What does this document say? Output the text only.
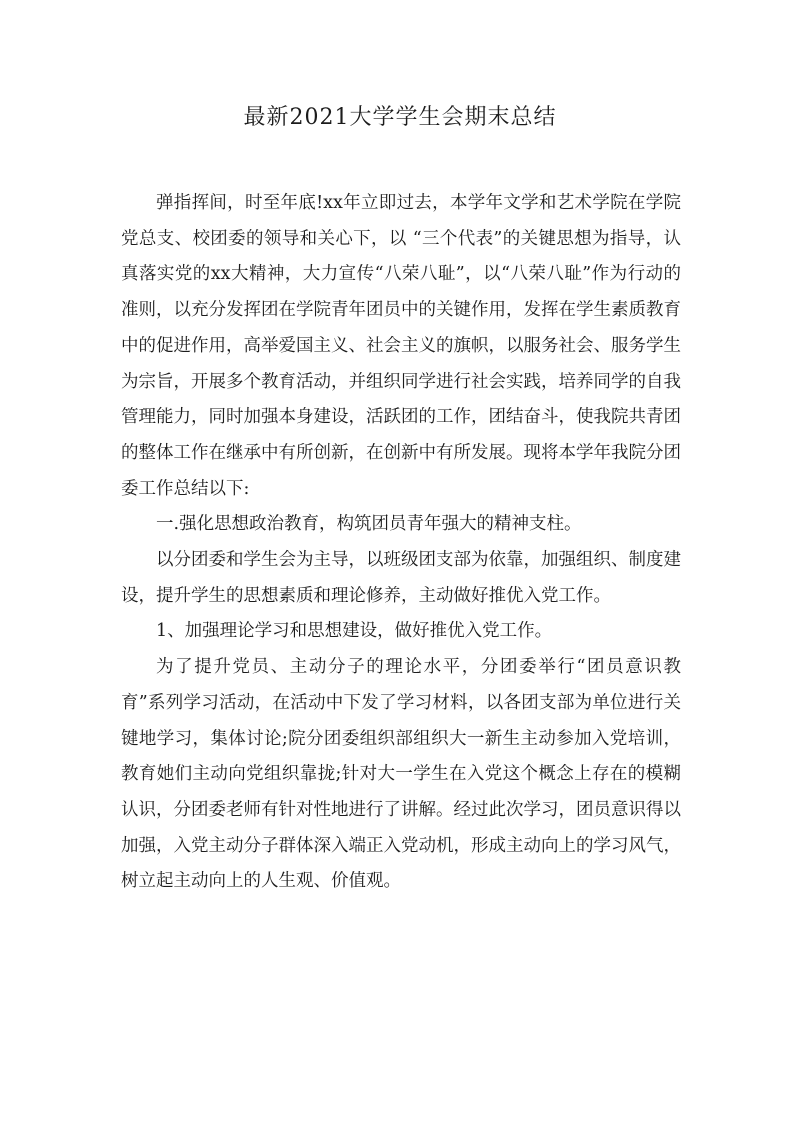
最新2021大学学生会期末总结

弹指挥间，时至年底!xx年立即过去，本学年文学和艺术学院在学院党总支、校团委的领导和关心下，以 “三个代表”的关键思想为指导，认真落实党的xx大精神，大力宣传“八荣八耻”，以“八荣八耻”作为行动的准则，以充分发挥团在学院青年团员中的关键作用，发挥在学生素质教育中的促进作用，高举爱国主义、社会主义的旗帜，以服务社会、服务学生为宗旨，开展多个教育活动，并组织同学进行社会实践，培养同学的自我管理能力，同时加强本身建设，活跃团的工作，团结奋斗，使我院共青团的整体工作在继承中有所创新，在创新中有所发展。现将本学年我院分团委工作总结以下:

一.强化思想政治教育，构筑团员青年强大的精神支柱。

以分团委和学生会为主导，以班级团支部为依靠，加强组织、制度建设，提升学生的思想素质和理论修养，主动做好推优入党工作。

1、加强理论学习和思想建设，做好推优入党工作。

为了提升党员、主动分子的理论水平，分团委举行“团员意识教育”系列学习活动，在活动中下发了学习材料，以各团支部为单位进行关键地学习，集体讨论;院分团委组织部组织大一新生主动参加入党培训，教育她们主动向党组织靠拢;针对大一学生在入党这个概念上存在的模糊认识，分团委老师有针对性地进行了讲解。经过此次学习，团员意识得以加强，入党主动分子群体深入端正入党动机，形成主动向上的学习风气，树立起主动向上的人生观、价值观。
